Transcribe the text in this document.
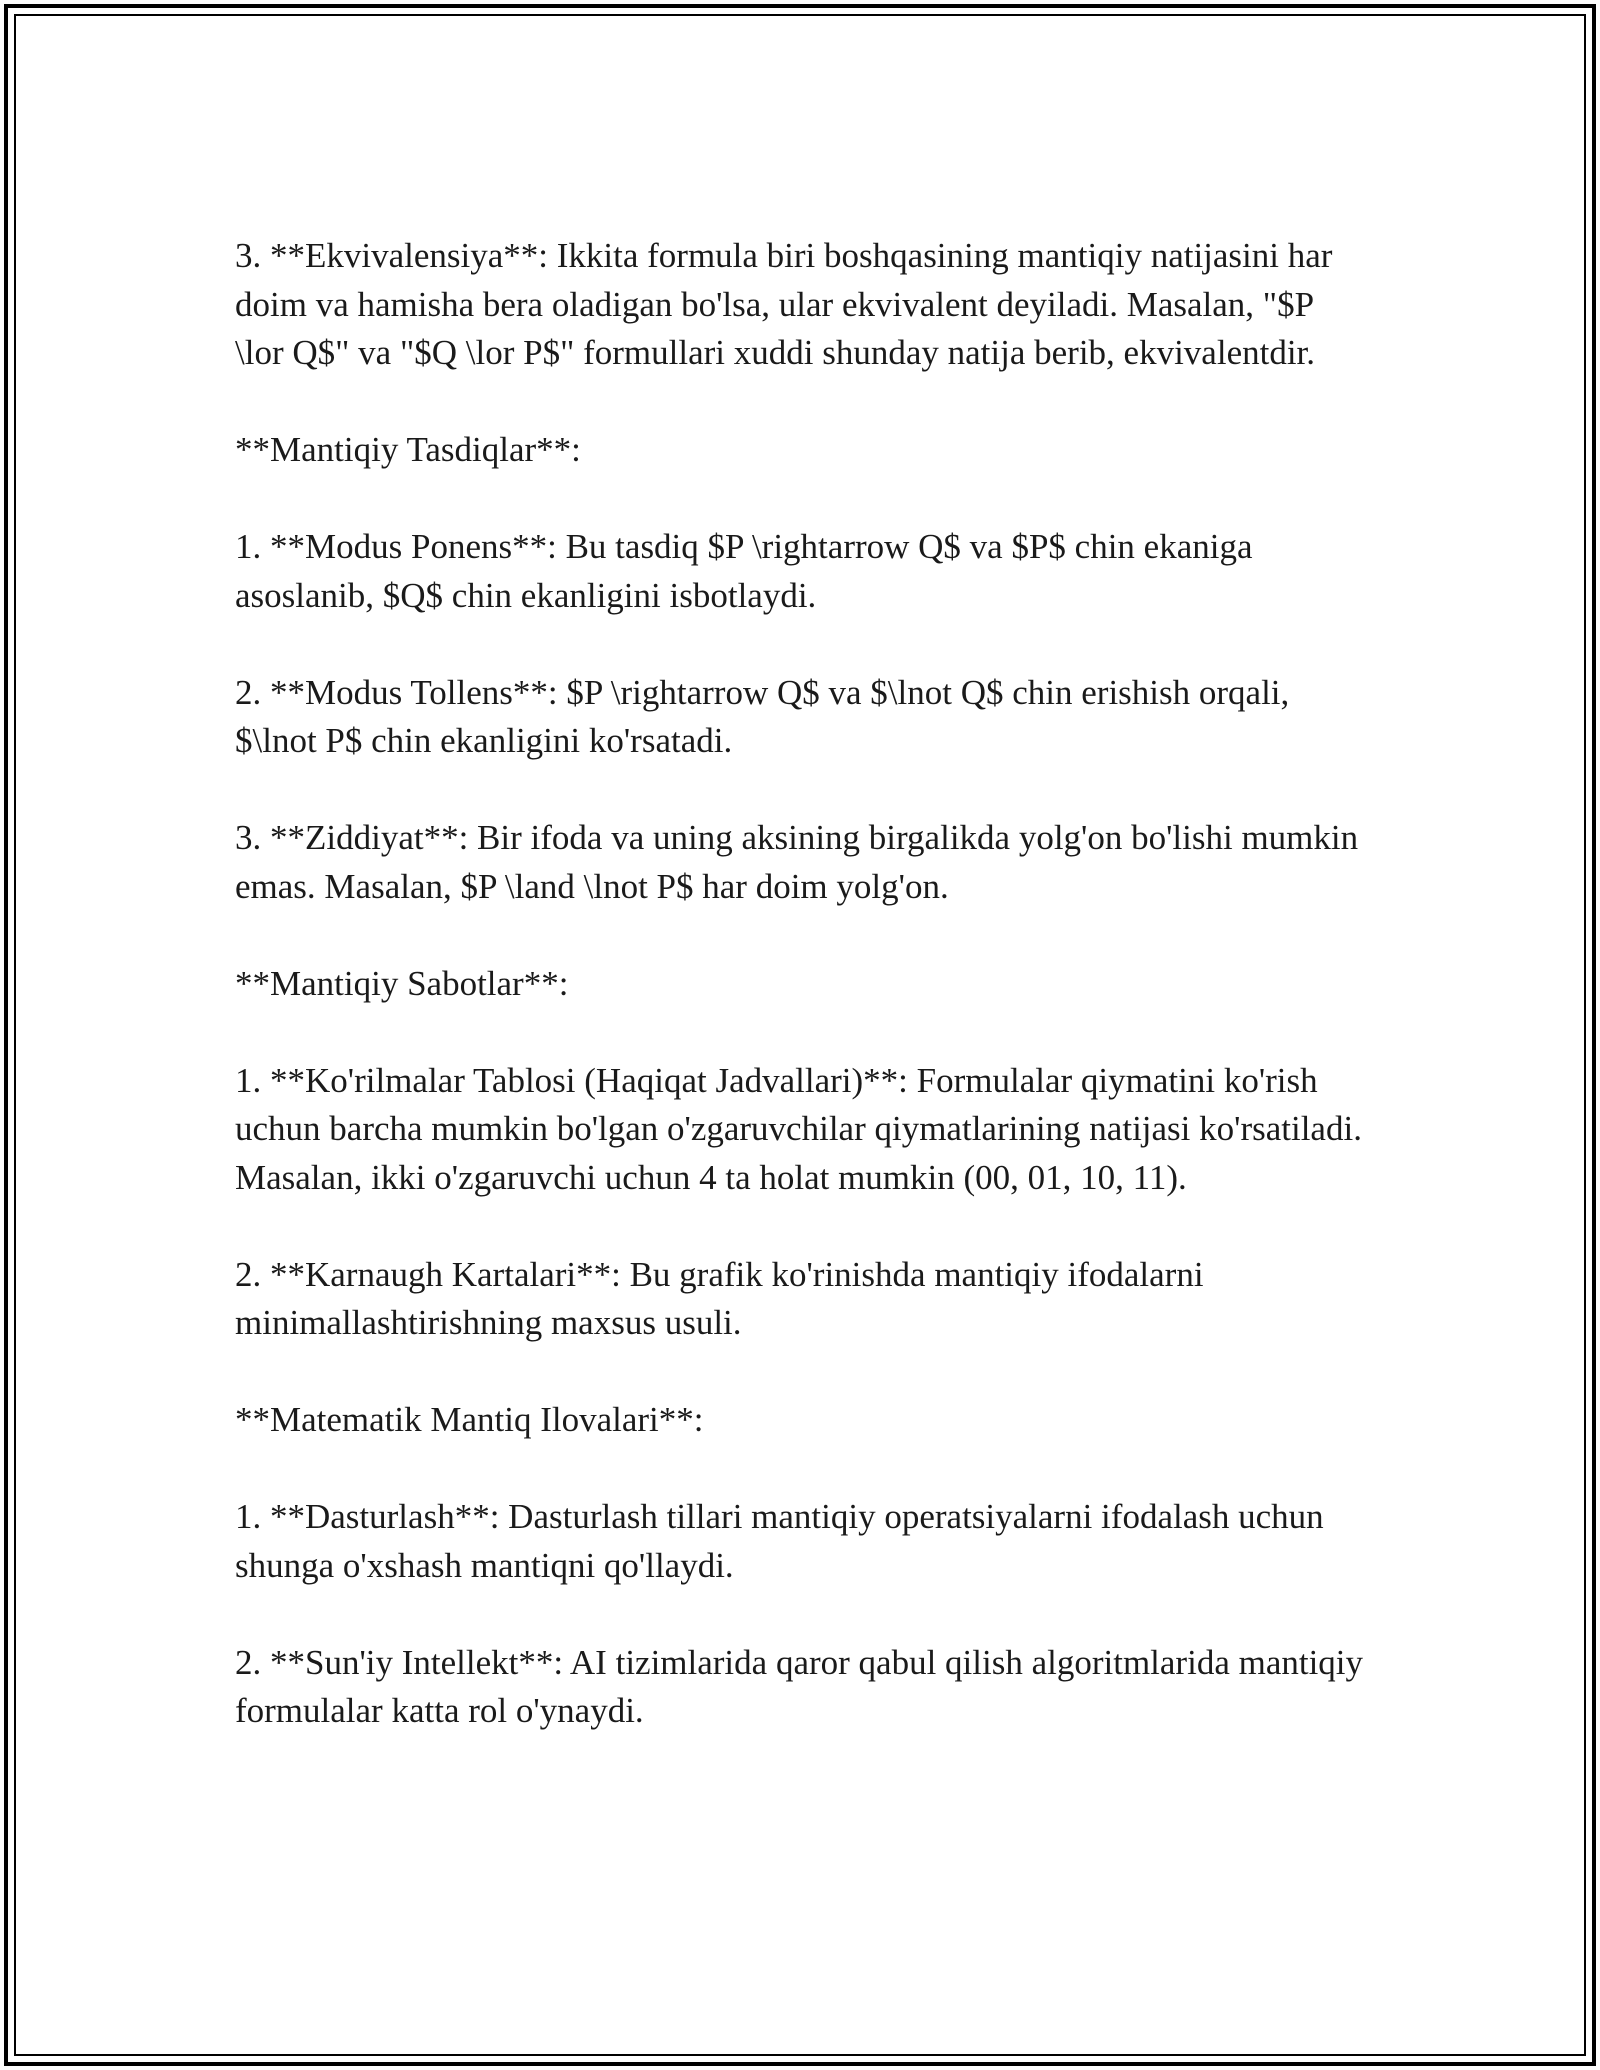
3. **Ekvivalensiya**: Ikkita formula biri boshqasining mantiqiy natijasini har doim va hamisha bera oladigan bo'lsa, ular ekvivalent deyiladi. Masalan, "$P \lor Q$" va "$Q \lor P$" formullari xuddi shunday natija berib, ekvivalentdir.

**Mantiqiy Tasdiqlar**:

1. **Modus Ponens**: Bu tasdiq $P \rightarrow Q$ va $P$ chin ekaniga asoslanib, $Q$ chin ekanligini isbotlaydi.

2. **Modus Tollens**: $P \rightarrow Q$ va $\lnot Q$ chin erishish orqali, $\lnot P$ chin ekanligini ko'rsatadi.

3. **Ziddiyat**: Bir ifoda va uning aksining birgalikda yolg'on bo'lishi mumkin emas. Masalan, $P \land \lnot P$ har doim yolg'on.

**Mantiqiy Sabotlar**:

1. **Ko'rilmalar Tablosi (Haqiqat Jadvallari)**: Formulalar qiymatini ko'rish uchun barcha mumkin bo'lgan o'zgaruvchilar qiymatlarining natijasi ko'rsatiladi. Masalan, ikki o'zgaruvchi uchun 4 ta holat mumkin (00, 01, 10, 11).

2. **Karnaugh Kartalari**: Bu grafik ko'rinishda mantiqiy ifodalarni minimallashtirishning maxsus usuli.

**Matematik Mantiq Ilovalari**:

1. **Dasturlash**: Dasturlash tillari mantiqiy operatsiyalarni ifodalash uchun shunga o'xshash mantiqni qo'llaydi.

2. **Sun'iy Intellekt**: AI tizimlarida qaror qabul qilish algoritmlarida mantiqiy formulalar katta rol o'ynaydi.
